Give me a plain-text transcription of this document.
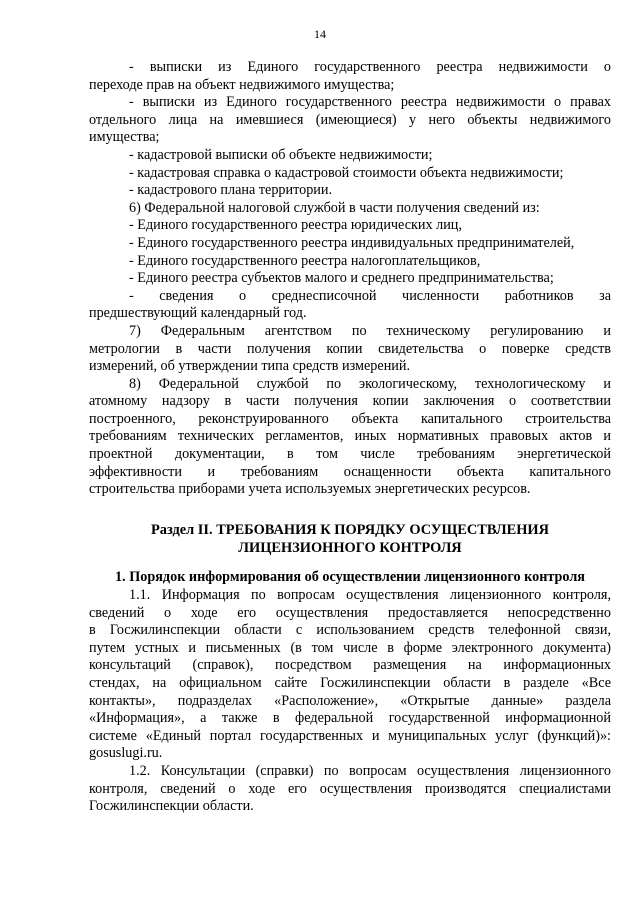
14
- выписки из Единого государственного реестра недвижимости о
переходе прав на объект недвижимого имущества;
- выписки из Единого государственного реестра недвижимости о правах
отдельного лица на имевшиеся (имеющиеся) у него объекты недвижимого
имущества;
- кадастровой выписки об объекте недвижимости;
- кадастровая справка о кадастровой стоимости объекта недвижимости;
- кадастрового плана территории.
6) Федеральной налоговой службой в части получения сведений из:
- Единого государственного реестра юридических лиц,
- Единого государственного реестра индивидуальных предпринимателей,
- Единого государственного реестра налогоплательщиков,
- Единого реестра субъектов малого и среднего предпринимательства;
- сведения о среднесписочной численности работников за
предшествующий календарный год.
7) Федеральным агентством по техническому регулированию и
метрологии в части получения копии свидетельства о поверке средств
измерений, об утверждении типа средств измерений.
8) Федеральной службой по экологическому, технологическому и
атомному надзору в части получения копии заключения о соответствии
построенного, реконструированного объекта капитального строительства
требованиям технических регламентов, иных нормативных правовых актов и
проектной документации, в том числе требованиям энергетической
эффективности и требованиям оснащенности объекта капитального
строительства приборами учета используемых энергетических ресурсов.
Раздел II. ТРЕБОВАНИЯ К ПОРЯДКУ ОСУЩЕСТВЛЕНИЯ
ЛИЦЕНЗИОННОГО КОНТРОЛЯ
1. Порядок информирования об осуществлении лицензионного контроля
1.1. Информация по вопросам осуществления лицензионного контроля,
сведений о ходе его осуществления предоставляется непосредственно
в Госжилинспекции области с использованием средств телефонной связи,
путем устных и письменных (в том числе в форме электронного документа)
консультаций (справок), посредством размещения на информационных
стендах, на официальном сайте Госжилинспекции области в разделе «Все
контакты», подразделах «Расположение», «Открытые данные» раздела
«Информация», а также в федеральной государственной информационной
системе «Единый портал государственных и муниципальных услуг (функций)»:
gosuslugi.ru.
1.2. Консультации (справки) по вопросам осуществления лицензионного
контроля, сведений о ходе его осуществления производятся специалистами
Госжилинспекции области.
